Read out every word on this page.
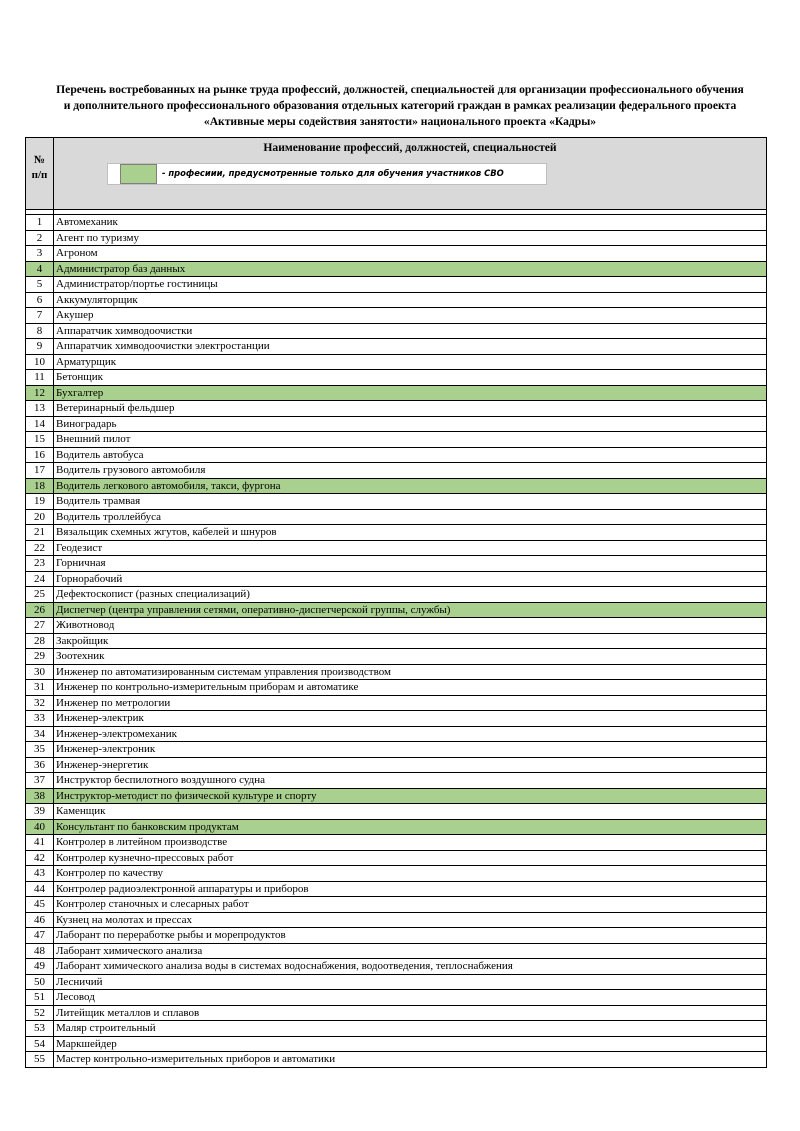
Перечень востребованных на рынке труда профессий, должностей, специальностей для организации профессионального обучения
и дополнительного профессионального образования отдельных категорий граждан в рамках реализации федерального проекта
«Активные меры содействия занятости» национального проекта «Кадры»
№
п/п	Наименование профессий, должностей, специальностей
- професиии, предусмотренные только для обучения участников СВО

1	Автомеханик
2	Агент по туризму
3	Агроном
4	Администратор баз данных
5	Администратор/портье гостиницы
6	Аккумуляторщик
7	Акушер
8	Аппаратчик химводоочистки
9	Аппаратчик химводоочистки электростанции
10	Арматурщик
11	Бетонщик
12	Бухгалтер
13	Ветеринарный фельдшер
14	Виноградарь
15	Внешний пилот
16	Водитель автобуса
17	Водитель грузового автомобиля
18	Водитель легкового автомобиля, такси, фургона
19	Водитель трамвая
20	Водитель троллейбуса
21	Вязальщик схемных жгутов, кабелей и шнуров
22	Геодезист
23	Горничная
24	Горнорабочий
25	Дефектоскопист (разных специализаций)
26	Диспетчер (центра управления сетями, оперативно-диспетчерской группы, службы)
27	Животновод
28	Закройщик
29	Зоотехник
30	Инженер по автоматизированным системам управления производством
31	Инженер по контрольно-измерительным приборам и автоматике
32	Инженер по метрологии
33	Инженер-электрик
34	Инженер-электромеханик
35	Инженер-электроник
36	Инженер-энергетик
37	Инструктор беспилотного воздушного судна
38	Инструктор-методист по физической культуре и спорту
39	Каменщик
40	Консультант по банковским продуктам
41	Контролер в литейном производстве
42	Контролер кузнечно-прессовых работ
43	Контролер по качеству
44	Контролер радиоэлектронной аппаратуры и приборов
45	Контролер станочных и слесарных работ
46	Кузнец на молотах и прессах
47	Лаборант по переработке рыбы и морепродуктов
48	Лаборант химического анализа
49	Лаборант химического анализа воды в системах водоснабжения, водоотведения, теплоснабжения
50	Лесничий
51	Лесовод
52	Литейщик металлов и сплавов
53	Маляр строительный
54	Маркшейдер
55	Мастер контрольно-измерительных приборов и автоматики
